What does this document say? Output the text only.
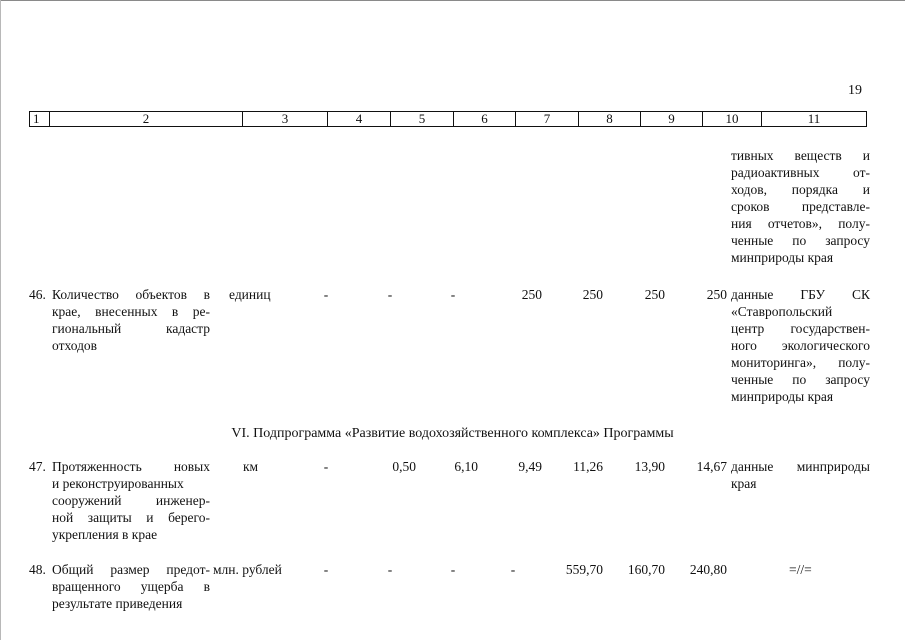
19
1	2	3	4	5	6	7	8	9	10	11
тивных веществ и
радиоактивных от-
ходов, порядка и
сроков представле-
ния отчетов», полу-
ченные по запросу
минприроды края
46. Количество объектов в
крае, внесенных в ре-
гиональный кадастр
отходов
единиц	-	-	-	250	250	250	250 данные ГБУ СК
«Ставропольский
центр государствен-
ного экологического
мониторинга», полу-
ченные по запросу
минприроды края
VI. Подпрограмма «Развитие водохозяйственного комплекса» Программы
47. Протяженность новых
и реконструированных
сооружений инженер-
ной защиты и берего-
укрепления в крае
км	-	0,50	6,10	9,49	11,26	13,90	14,67 данные минприроды
края
48. Общий размер предот-
вращенного ущерба в
результате приведения
млн. рублей	-	-	-	-	559,70	160,70	240,80	=//=
